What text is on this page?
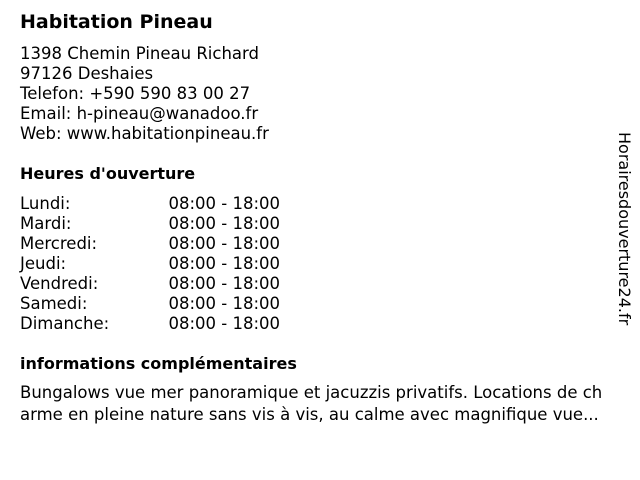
Habitation Pineau
1398 Chemin Pineau Richard
97126 Deshaies
Telefon: +590 590 83 00 27
Email: h-pineau@wanadoo.fr
Web: www.habitationpineau.fr
Heures d'ouverture
Lundi:	08:00 - 18:00
Mardi:	08:00 - 18:00
Mercredi:	08:00 - 18:00
Jeudi:	08:00 - 18:00
Vendredi:	08:00 - 18:00
Samedi:	08:00 - 18:00
Dimanche:	08:00 - 18:00
informations complémentaires
Bungalows vue mer panoramique et jacuzzis privatifs. Locations de ch
arme en pleine nature sans vis à vis, au calme avec magnifique vue...
Horairesdouverture24.fr
